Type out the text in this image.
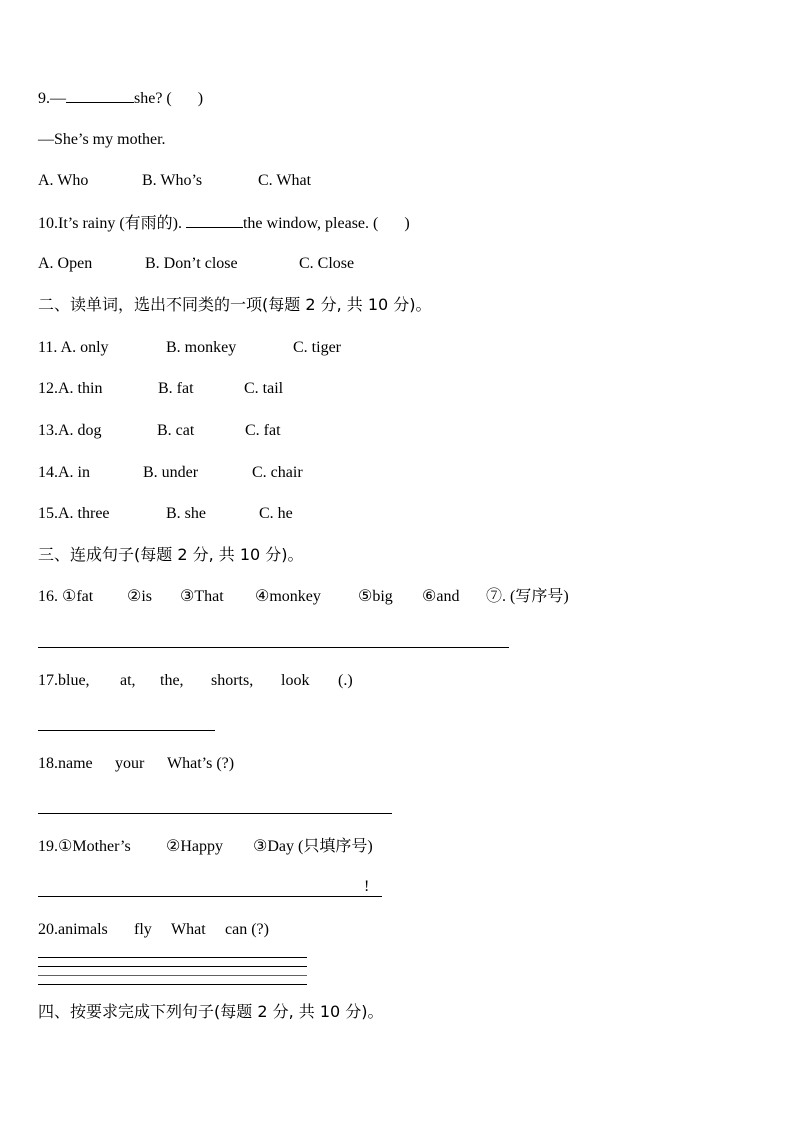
9.—	she? ( )
—She’s my mother.
A. Who	B. Who’s	C. What
10.It’s rainy (有雨的).	the window, please. ( )
A. Open	B. Don’t close	C. Close
二、读单词，选出不同类的一项(每题 2 分, 共 10 分)。
11. A. only	B. monkey	C. tiger
12.A. thin	B. fat	C. tail
13.A. dog	B. cat	C. fat
14.A. in	B. under	C. chair
15.A. three	B. she	C. he
三、连成句子(每题 2 分, 共 10 分)。
16. ①fat ②is ③That ④monkey ⑤big ⑥and ⑦. (写序号)
17.blue, at, the, shorts, look (.)
18.name your What’s (?)
19.①Mother’s ②Happy ③Day (只填序号)
!
20.animals fly What can (?)
四、按要求完成下列句子(每题 2 分, 共 10 分)。
